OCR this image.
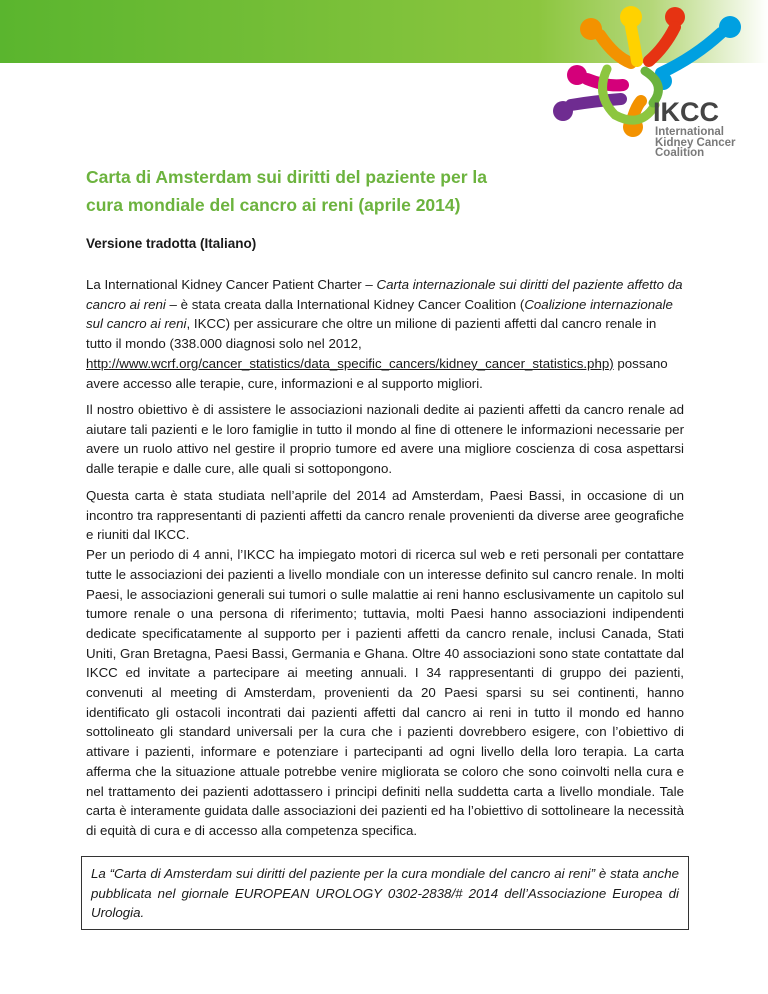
IKCC
International
Kidney Cancer
Coalition
Carta di Amsterdam sui diritti del paziente per la
cura mondiale del cancro ai reni (aprile 2014)
Versione tradotta (Italiano)

La International Kidney Cancer Patient Charter – Carta internazionale sui diritti del paziente affetto da cancro ai reni – è stata creata dalla International Kidney Cancer Coalition (Coalizione internazionale sul cancro ai reni, IKCC) per assicurare che oltre un milione di pazienti affetti dal cancro renale in tutto il mondo (338.000 diagnosi solo nel 2012, http://www.wcrf.org/cancer_statistics/data_specific_cancers/kidney_cancer_statistics.php) possano avere accesso alle terapie, cure, informazioni e al supporto migliori.

Il nostro obiettivo è di assistere le associazioni nazionali dedite ai pazienti affetti da cancro renale ad aiutare tali pazienti e le loro famiglie in tutto il mondo al fine di ottenere le informazioni necessarie per avere un ruolo attivo nel gestire il proprio tumore ed avere una migliore coscienza di cosa aspettarsi dalle terapie e dalle cure, alle quali si sottopongono.

Questa carta è stata studiata nell’aprile del 2014 ad Amsterdam, Paesi Bassi, in occasione di un incontro tra rappresentanti di pazienti affetti da cancro renale provenienti da diverse aree geografiche e riuniti dal IKCC.
Per un periodo di 4 anni, l’IKCC ha impiegato motori di ricerca sul web e reti personali per contattare tutte le associazioni dei pazienti a livello mondiale con un interesse definito sul cancro renale. In molti Paesi, le associazioni generali sui tumori o sulle malattie ai reni hanno esclusivamente un capitolo sul tumore renale o una persona di riferimento; tuttavia, molti Paesi hanno associazioni indipendenti dedicate specificatamente al supporto per i pazienti affetti da cancro renale, inclusi Canada, Stati Uniti, Gran Bretagna, Paesi Bassi, Germania e Ghana. Oltre 40 associazioni sono state contattate dal IKCC ed invitate a partecipare ai meeting annuali. I 34 rappresentanti di gruppo dei pazienti, convenuti al meeting di Amsterdam, provenienti da 20 Paesi sparsi su sei continenti, hanno identificato gli ostacoli incontrati dai pazienti affetti dal cancro ai reni in tutto il mondo ed hanno sottolineato gli standard universali per la cura che i pazienti dovrebbero esigere, con l’obiettivo di attivare i pazienti, informare e potenziare i partecipanti ad ogni livello della loro terapia. La carta afferma che la situazione attuale potrebbe venire migliorata se coloro che sono coinvolti nella cura e nel trattamento dei pazienti adottassero i principi definiti nella suddetta carta a livello mondiale. Tale carta è interamente guidata dalle associazioni dei pazienti ed ha l’obiettivo di sottolineare la necessità di equità di cura e di accesso alla competenza specifica.
La “Carta di Amsterdam sui diritti del paziente per la cura mondiale del cancro ai reni” è stata anche pubblicata nel giornale EUROPEAN UROLOGY 0302-2838/# 2014 dell’Associazione Europea di Urologia.
